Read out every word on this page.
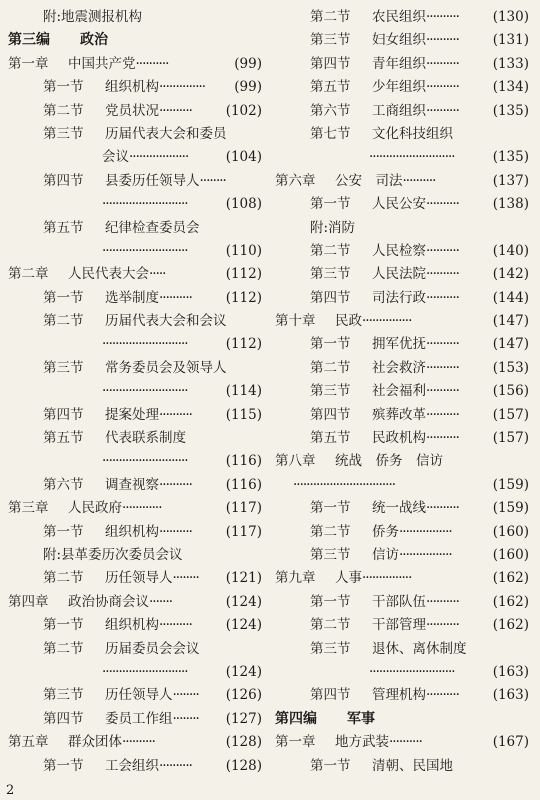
附:地震测报机构
第三编 政治
第一章 中国共产党··········	(99)
第一节 组织机构·············· (99)
第二节 党员状况··········	(102)
第三节 历届代表大会和委员
会议··················	(104)
第四节 县委历任领导人········
··························	(108)
第五节 纪律检查委员会
··························	(110)
第二章 人民代表大会·····	(112)
第一节 选举制度··········	(112)
第二节 历届代表大会和会议
··························	(112)
第三节 常务委员会及领导人
··························	(114)
第四节 提案处理··········	(115)
第五节 代表联系制度
··························	(116)
第六节 调查视察··········	(116)
第三章 人民政府············	(117)
第一节 组织机构··········	(117)
附:县革委历次委员会议
第二节 历任领导人········ (121)
第四章 政治协商会议·······	(124)
第一节 组织机构··········	(124)
第二节 历届委员会会议
··························	(124)
第三节 历任领导人········ (126)
第四节 委员工作组········ (127)
第五章 群众团体··········	(128)
第一节 工会组织··········	(128)
第二节 农民组织··········	(130)
第三节 妇女组织··········	(131)
第四节 青年组织··········	(133)
第五节 少年组织··········	(134)
第六节 工商组织··········	(135)
第七节 文化科技组织
··························	(135)
第六章 公安　司法··········	(137)
第一节 人民公安··········	(138)
附:消防
第二节 人民检察··········	(140)
第三节 人民法院··········	(142)
第四节 司法行政··········	(144)
第十章 民政···············	(147)
第一节 拥军优抚··········	(147)
第二节 社会救济··········	(153)
第三节 社会福利··········	(156)
第四节 殡葬改革··········	(157)
第五节 民政机构··········	(157)
第八章 统战　侨务　信访
·······························	(159)
第一节 统一战线··········	(159)
第二节 侨务················	(160)
第三节 信访················	(160)
第九章 人事···············	(162)
第一节 干部队伍··········	(162)
第二节 干部管理··········	(162)
第三节 退休、离休制度
··························	(163)
第四节 管理机构··········	(163)
第四编 军事
第一章 地方武装··········	(167)
第一节 清朝、民国地
2
